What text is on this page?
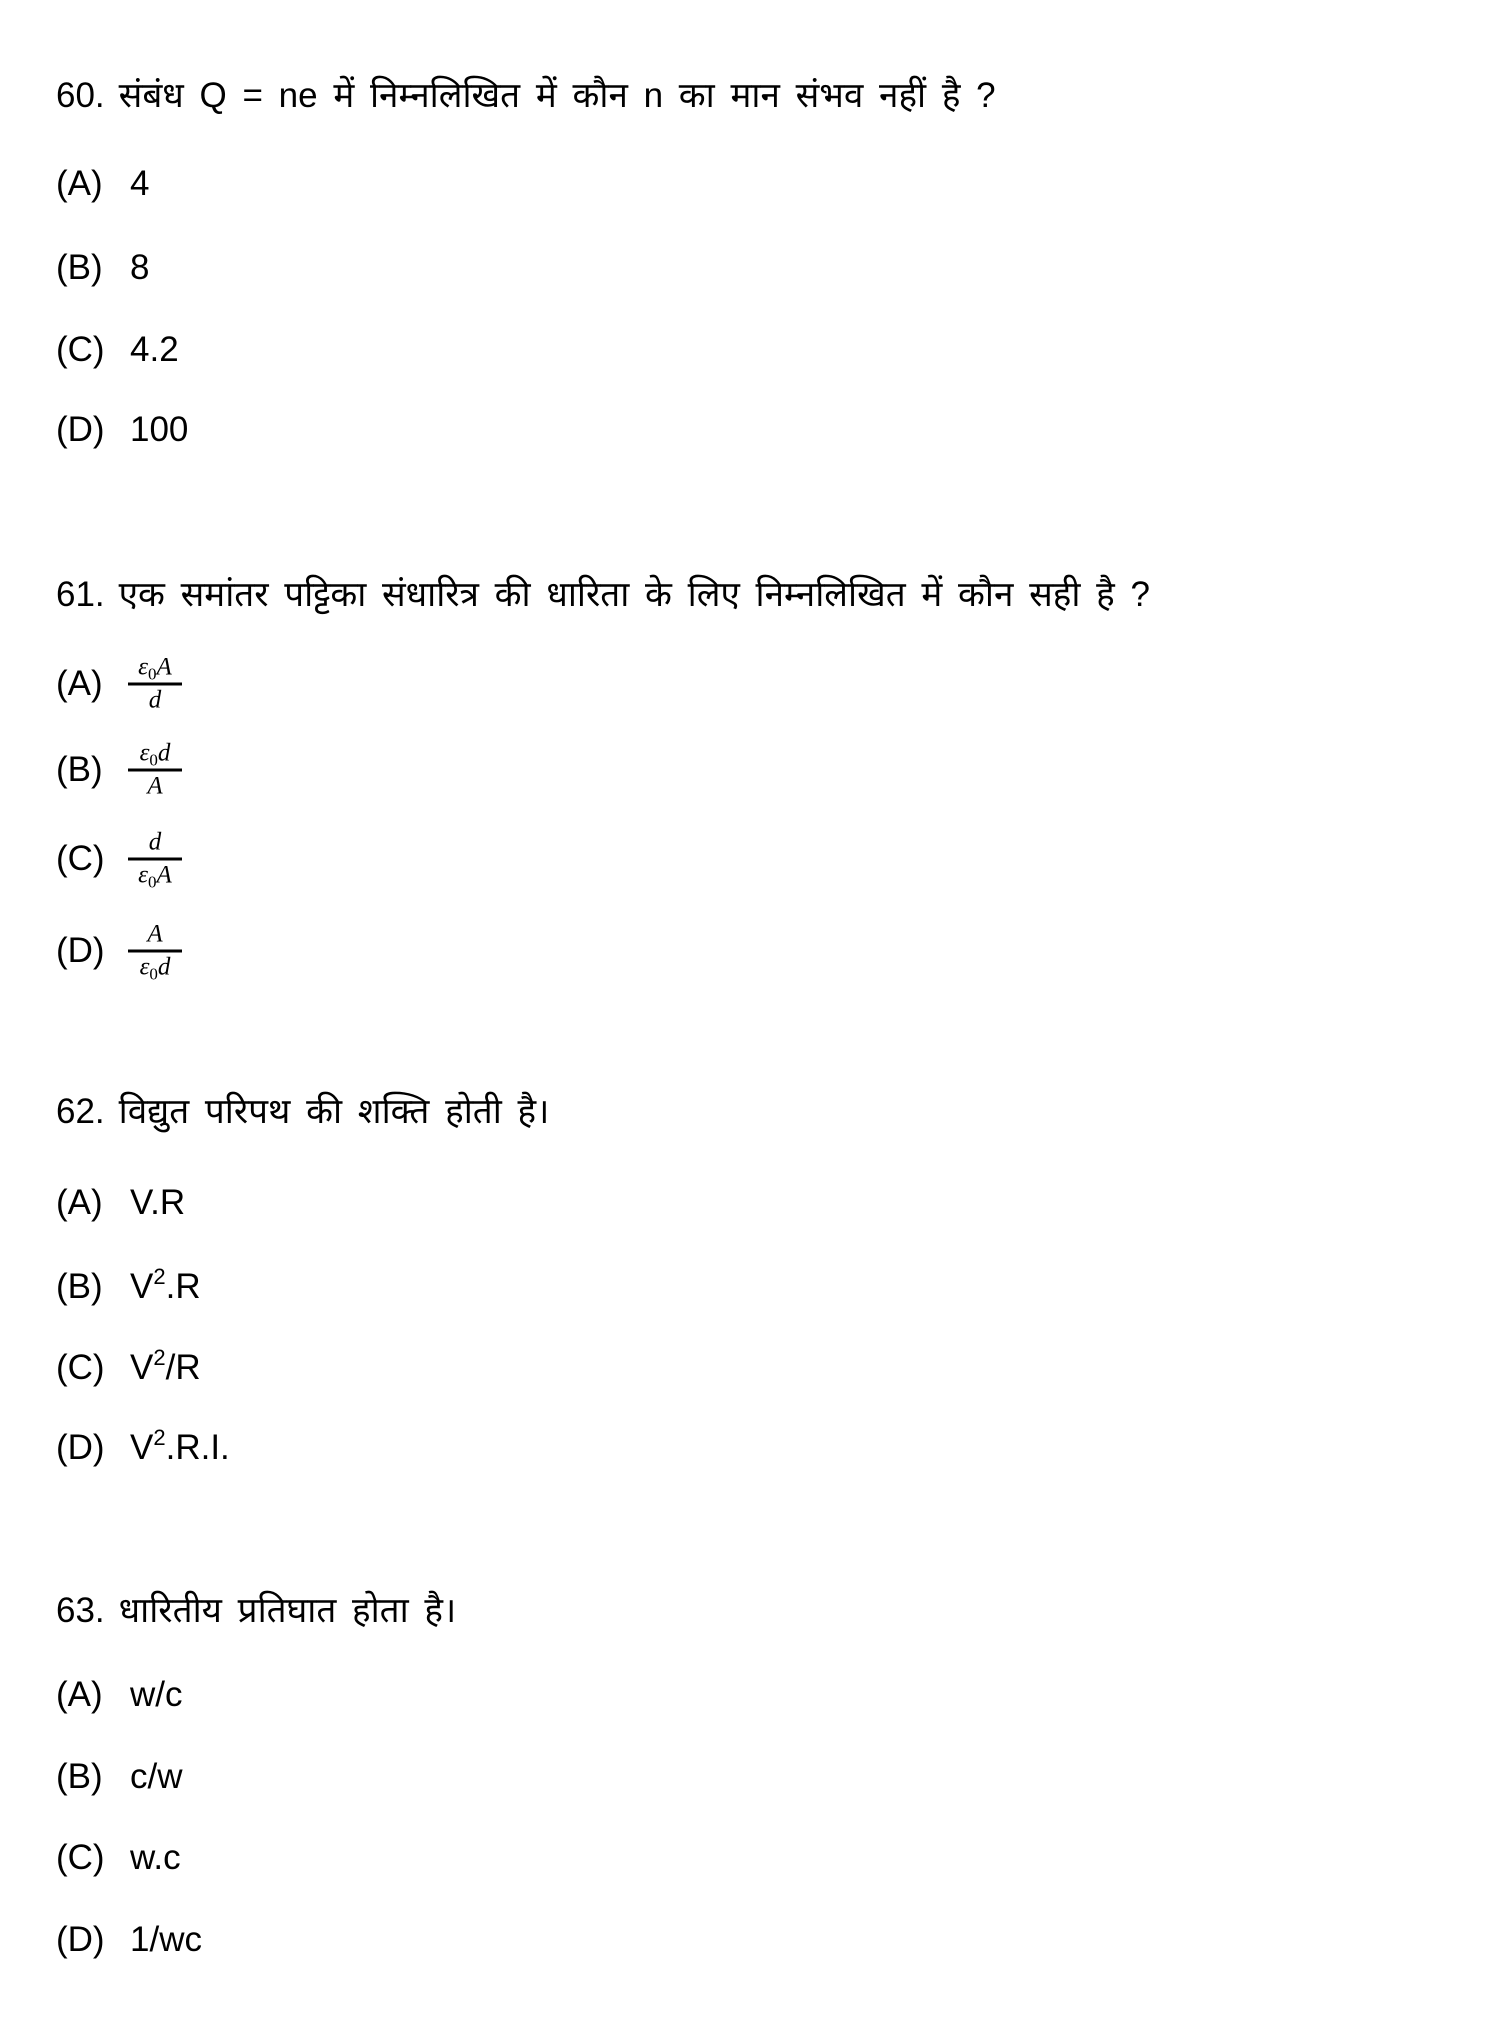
60. संबंध Q = ne में निम्नलिखित में कौन n का मान संभव नहीं है ?
(A) 4
(B) 8
(C) 4.2
(D) 100
61. एक समांतर पट्टिका संधारित्र की धारिता के लिए निम्नलिखित में कौन सही है ?
(A)	$\varepsilon_0A$
d
(B)	$\varepsilon_0d$
A
(C)	d
$\varepsilon_0A$
(D)	A
$\varepsilon_0d$
62. विद्युत परिपथ की शक्ति होती है।
(A) V.R
(B) $V^2.R$
(C) $V^2/R$
(D) $V^2.R.I$.
63. धारितीय प्रतिघात होता है।
(A) w/c
(B) c/w
(C) w.c
(D) 1/wc
